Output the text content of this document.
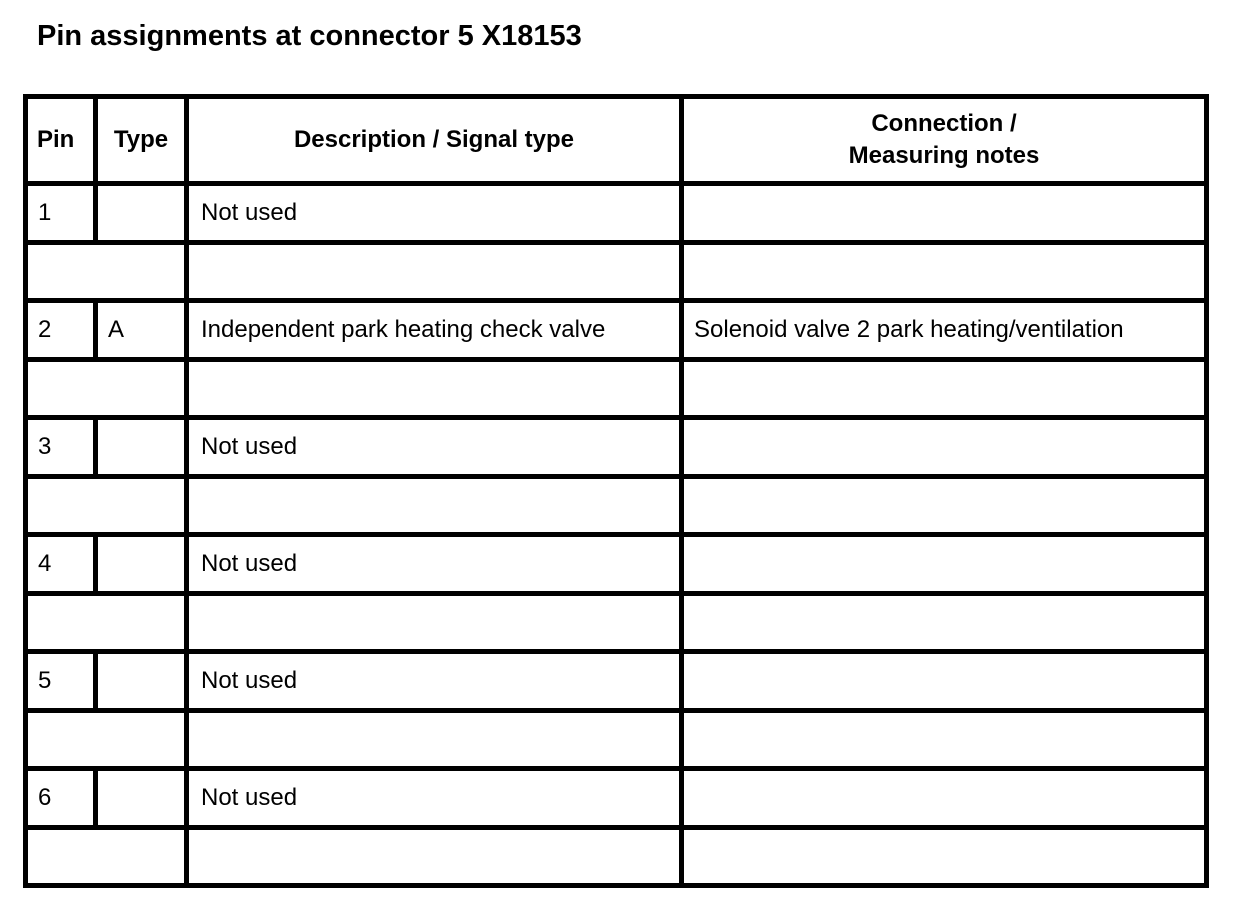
Pin assignments at connector 5 X18153
Pin	Type	Description / Signal type	Connection /
Measuring notes

1		Not used	

2	A	Independent park heating check valve	Solenoid valve 2 park heating/ventilation

3		Not used	

4		Not used	

5		Not used	

6		Not used	
